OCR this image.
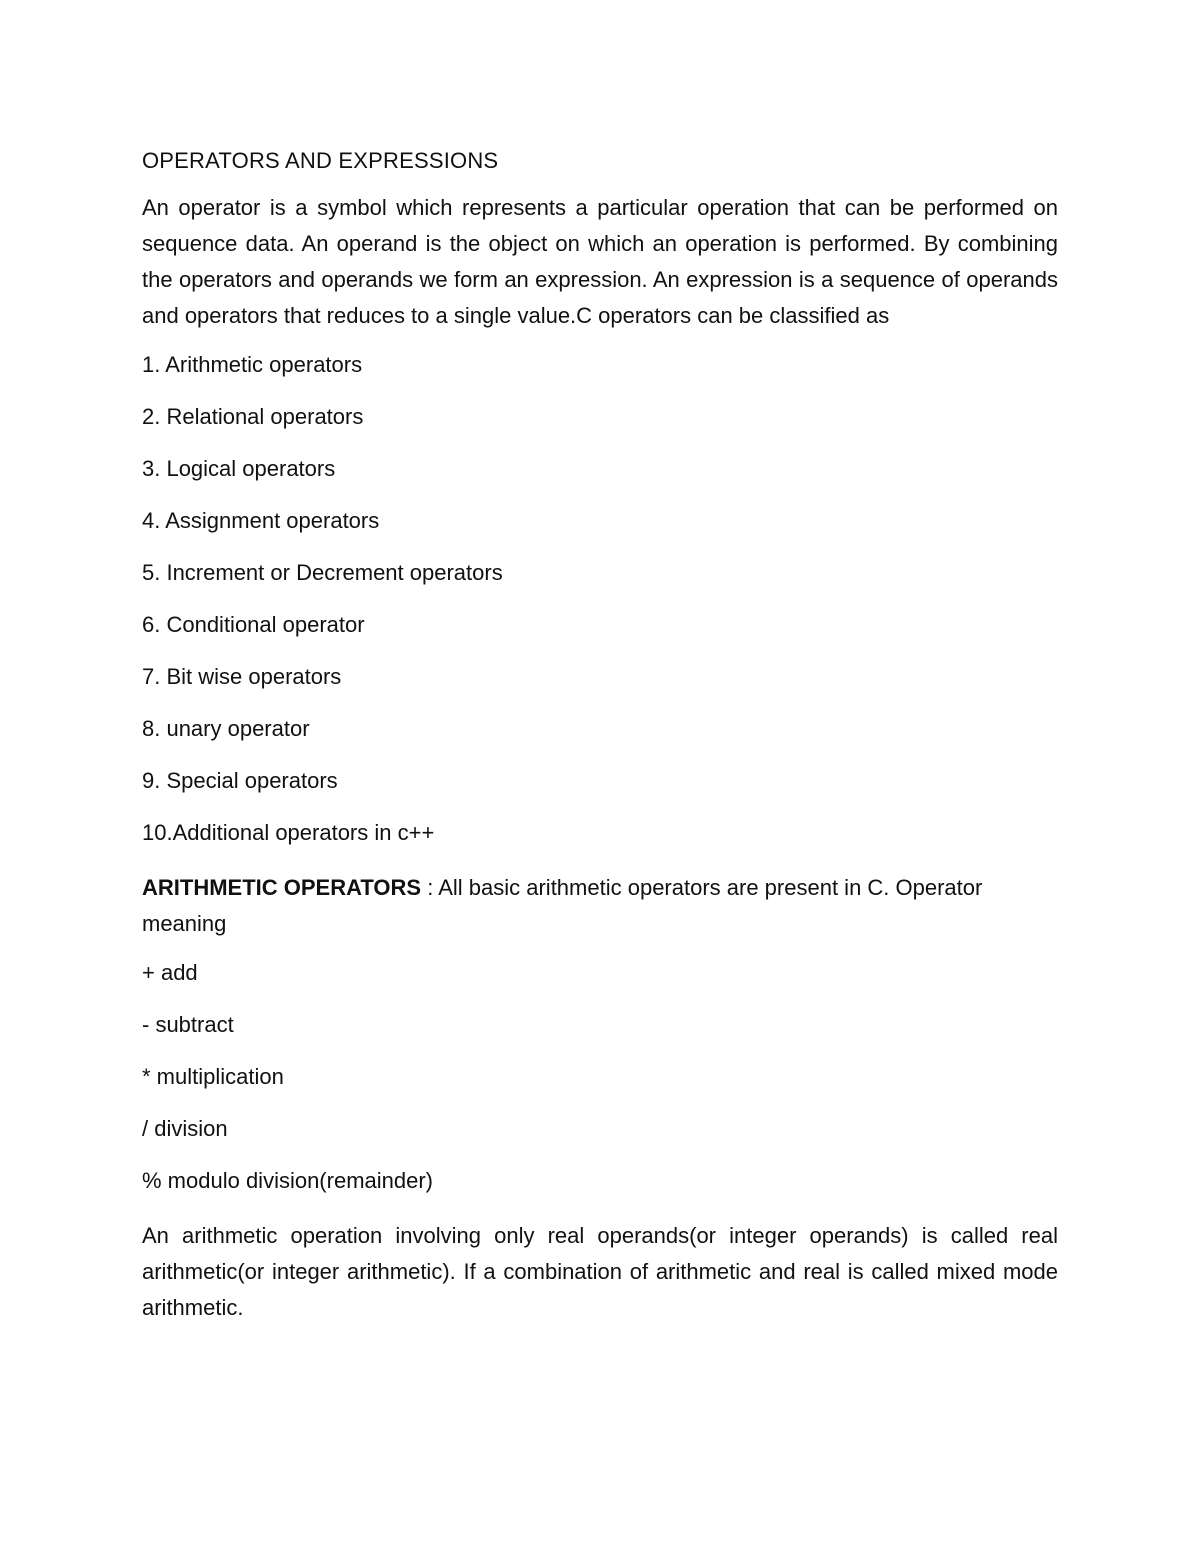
OPERATORS AND EXPRESSIONS

An operator is a symbol which represents a particular operation that can be performed on sequence data. An operand is the object on which an operation is performed. By combining the operators and operands we form an expression. An expression is a sequence of operands and operators that reduces to a single value.C operators can be classified as

1. Arithmetic operators
2. Relational operators
3. Logical operators
4. Assignment operators
5. Increment or Decrement operators
6. Conditional operator
7. Bit wise operators
8. unary operator
9. Special operators
10.Additional operators in c++

ARITHMETIC OPERATORS : All basic arithmetic operators are present in C. Operator meaning

+ add
- subtract
* multiplication
/ division
% modulo division(remainder)

An arithmetic operation involving only real operands(or integer operands) is called real arithmetic(or integer arithmetic). If a combination of arithmetic and real is called mixed mode arithmetic.
